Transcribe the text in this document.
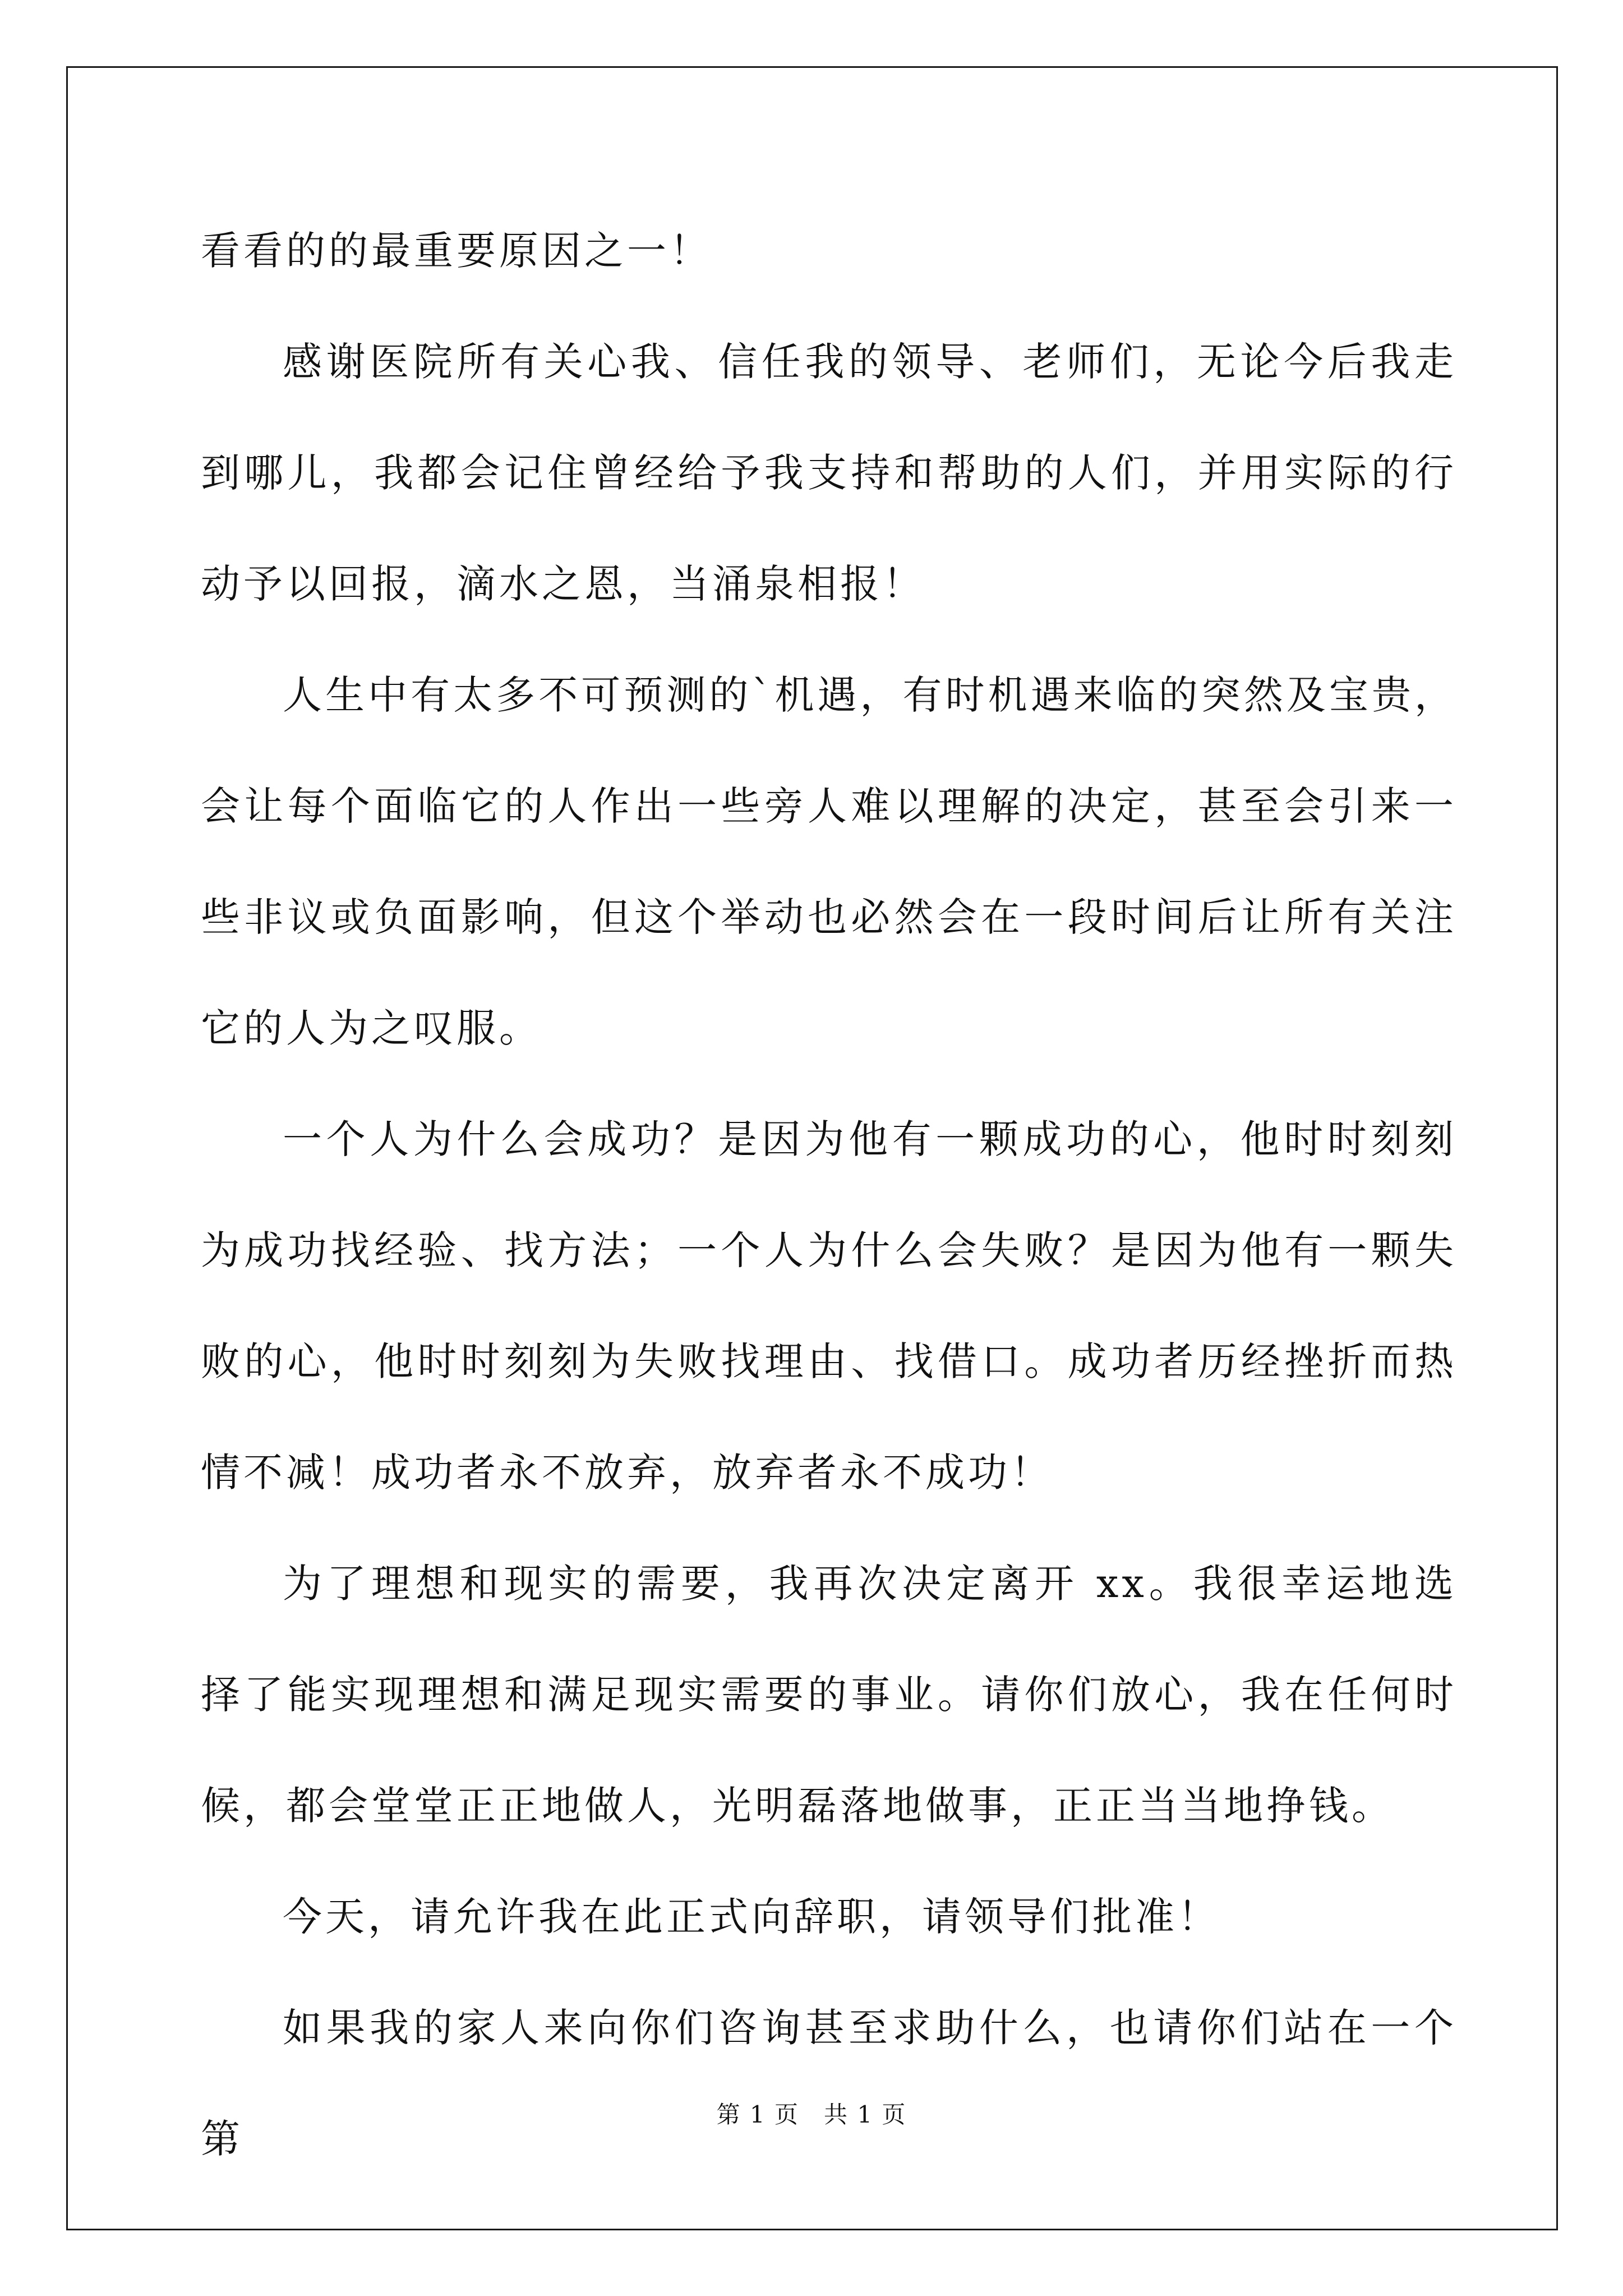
看看的的最重要原因之一！

感谢医院所有关心我、信任我的领导、老师们，无论今后我走到哪儿，我都会记住曾经给予我支持和帮助的人们，并用实际的行动予以回报，滴水之恩，当涌泉相报！

人生中有太多不可预测的`机遇，有时机遇来临的突然及宝贵，会让每个面临它的人作出一些旁人难以理解的决定，甚至会引来一些非议或负面影响，但这个举动也必然会在一段时间后让所有关注它的人为之叹服。

一个人为什么会成功？是因为他有一颗成功的心，他时时刻刻为成功找经验、找方法；一个人为什么会失败？是因为他有一颗失败的心，他时时刻刻为失败找理由、找借口。成功者历经挫折而热情不减！成功者永不放弃，放弃者永不成功！

为了理想和现实的需要，我再次决定离开 xx。我很幸运地选择了能实现理想和满足现实需要的事业。请你们放心，我在任何时候，都会堂堂正正地做人，光明磊落地做事，正正当当地挣钱。

今天，请允许我在此正式向辞职，请领导们批准！

如果我的家人来向你们咨询甚至求助什么，也请你们站在一个第

第 1 页　共 1 页
